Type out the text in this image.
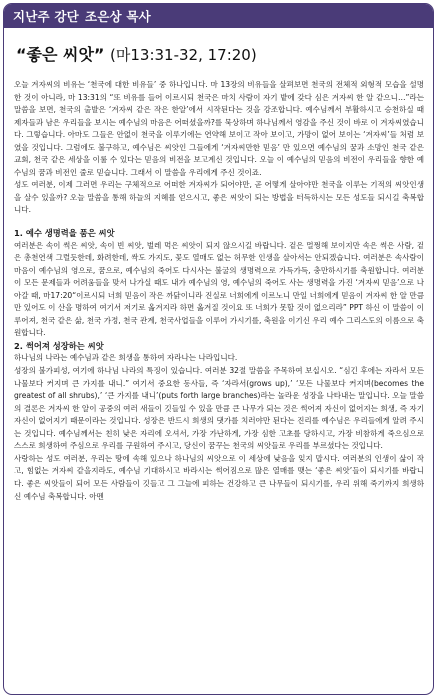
지난주 강단 조은상 목사
“좋은 씨앗” (마13:31-32, 17:20)

오늘 겨자씨의 비유는 ‘천국에 대한 비유들’ 중 하나입니다. 마 13장의 비유들을 살펴보면 천국의 전체적 외형적 모습을 설명한 것이 아니라, 마 13:31의 “또 비유를 들어 이르시되 천국은 마치 사람이 자기 밭에 갖다 심은 겨자씨 한 알 같으니…”라는 말씀을 보면, 천국의 출발은 ‘겨자씨 같은 작은 한알’에서 시작된다는 것을 강조합니다. 예수님께서 부활하시고 승천하실 때 제자들과 남은 우리들을 보시는 예수님의 마음은 어떠셨을까?를 묵상하며 하나님께서 영감을 주신 것이 바로 이 겨자씨였습니다. 그렇습니다. 아마도 그들은 안없이 천국을 이루기에는 연약해 보이고 작아 보이고, 가망이 없어 보이는 ‘겨자씨’들 처럼 보였을 것입니다. 그럼에도 불구하고, 예수님은 씨앗인 그들에게 ‘겨자씨만한 믿음’ 만 있으면 예수님의 꿈과 소망인 천국 같은 교회, 천국 같은 세상을 이룰 수 있다는 믿음의 비전을 보고계신 것입니다. 오늘 이 예수님의 믿음의 비전이 우리들을 향한 예수님의 꿈과 비전인 줄로 믿습니다. 그래서 이 말씀을 우리에게 주신 것이죠.

성도 여러분, 이제 그러면 우리는 구체적으로 어떠한 겨자씨가 되어야만, 곧 어떻게 살아야만 천국을 이루는 기적의 씨앗인생을 살수 있을까? 오늘 말씀을 통해 하늘의 지혜를 얻으시고, 좋은 씨앗이 되는 방법을 터득하시는 모든 성도들 되시길 축복합니다.

1. 예수 생명력을 품은 씨앗

여러분은 속이 썩은 씨앗, 속이 빈 씨앗, 벌레 먹은 씨앗이 되지 않으시길 바랍니다. 겉은 멀쩡해 보이지만 속은 썩은 사람, 겉은 총천연색 그럴듯한데, 화려한데, 싹도 가지도, 꽃도 열매도 없는 허무한 인생을 살아서는 안되겠습니다. 여러분은 속사람이 마음이 예수님의 영으로, 꿈으로, 예수님의 죽어도 다시사는 불굴의 생명력으로 가득가득, 충만하시기를 축원합니다. 여러분이 모든 문제들과 어려움들을 맞서 나가실 때도 내가 예수님의 영, 예수님의 죽어도 사는 생명력을 가진 ‘겨자씨 믿음’으로 나아갈 때, 마17:20“이르시되 너희 믿음이 작은 까닭이니라 진실로 너희에게 이르노니 만일 너희에게 믿음이 겨자씨 한 알 만큼만 있어도 이 산을 명하여 여기서 저기로 옮겨지라 하면 옮겨질 것이요 또 너희가 못할 것이 없으리라” PPT 하신 이 말씀이 이루어져, 천국 같은 삶, 천국 가정, 천국 관계, 천국사업들을 이루어 가시기를, 축원을 이기신 우리 예수 그리스도의 이름으로 축원합니다.

2. 썩어져 성장하는 씨앗

하나님의 나라는 예수님과 같은 희생을 통하여 자라나는 나라입니다.

성장의 불가피성, 여기에 하나님 나라의 특징이 있습니다. 여러분 32절 말씀을 주목하여 보십시오. “심긴 후에는 자라서 모든 나물보다 커지며 큰 가지를 내니.” 여기서 중요한 동사들, 즉 ‘자라서(grows up),’ ‘모든 나물보다 커지며(becomes the greatest of all shrubs),’ ‘큰 가지를 내니’(puts forth large branches)라는 놀라운 성장을 나타내는 말입니다. 오늘 말씀의 결론은 겨자씨 한 알이 공중의 여러 새들이 깃들일 수 있을 만큼 큰 나무가 되는 것은 썩어져 자신이 없어지는 희생, 즉 자기자신이 없어지기 때문이라는 것입니다. 성장은 반드시 희생의 댓가를 치러야만 된다는 진리를 예수님은 우리들에게 알려 주시는 것입니다. 예수님께서는 친히 낮은 자리에 오셔서, 가장 가난하게, 가장 심한 고초를 당하시고, 가장 비참하게 죽으심으로 스스로 희생하여 주심으로 우리를 구원하여 주시고, 당신이 꿈꾸는 천국의 씨앗들로 우리를 부르셨다는 것입니다.

사랑하는 성도 여러분, 우리는 땅에 속해 있으나 하나님의 씨앗으로 이 세상에 낮음을 잊지 맙시다. 여러분의 인생이 삶이 작고, 힘없는 겨자씨 같을지라도, 예수님 기대하시고 바라시는 썩어짐으로 많은 열매를 맺는 ‘좋은 씨앗’들이 되시기를 바랍니다. 좋은 씨앗들이 되어 모든 사람들이 깃들고 그 그늘에 피하는 건강하고 큰 나무들이 되시기를, 우리 위해 죽기까지 희생하신 예수님 축복합니다. 아멘
